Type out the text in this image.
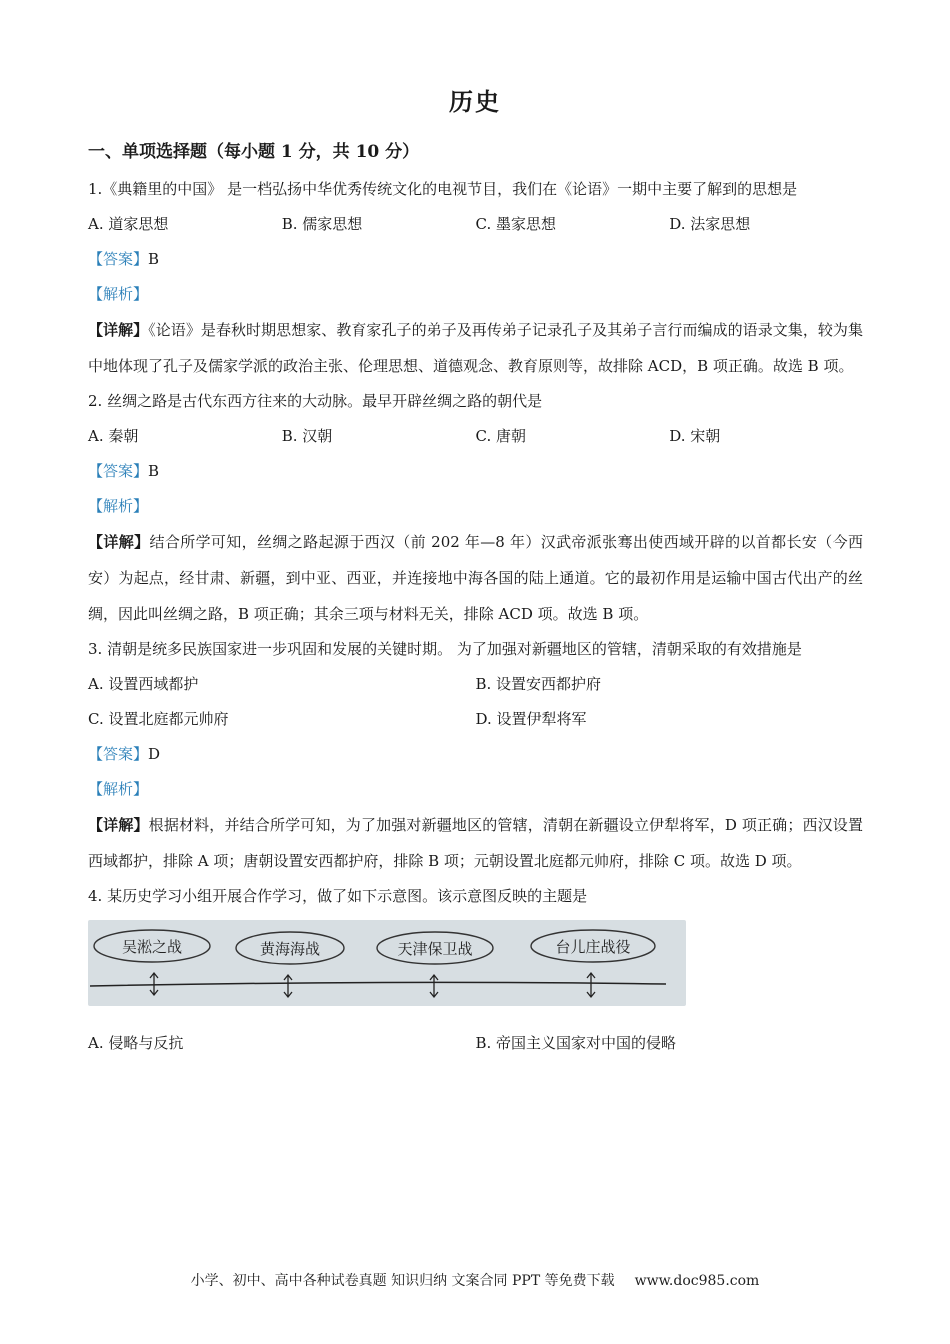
历史
一、单项选择题（每小题 1 分，共 10 分）

1.《典籍里的中国》 是一档弘扬中华优秀传统文化的电视节目，我们在《论语》一期中主要了解到的思想是

A. 道家思想	B. 儒家思想	C. 墨家思想	D. 法家思想
【答案】B
【解析】

【详解】《论语》是春秋时期思想家、教育家孔子的弟子及再传弟子记录孔子及其弟子言行而编成的语录文集，较为集中地体现了孔子及儒家学派的政治主张、伦理思想、道德观念、教育原则等，故排除 ACD，B 项正确。故选 B 项。

2. 丝绸之路是古代东西方往来的大动脉。最早开辟丝绸之路的朝代是

A. 秦朝	B. 汉朝	C. 唐朝	D. 宋朝
【答案】B
【解析】

【详解】结合所学可知，丝绸之路起源于西汉（前 202 年—8 年）汉武帝派张骞出使西域开辟的以首都长安（今西安）为起点，经甘肃、新疆，到中亚、西亚，并连接地中海各国的陆上通道。它的最初作用是运输中国古代出产的丝绸，因此叫丝绸之路，B 项正确；其余三项与材料无关，排除 ACD 项。故选 B 项。

3. 清朝是统多民族国家进一步巩固和发展的关键时期。 为了加强对新疆地区的管辖，清朝采取的有效措施是

A. 设置西域都护	B. 设置安西都护府
C. 设置北庭都元帅府	D. 设置伊犁将军
【答案】D
【解析】

【详解】根据材料，并结合所学可知，为了加强对新疆地区的管辖，清朝在新疆设立伊犁将军，D 项正确；西汉设置西域都护，排除 A 项；唐朝设置安西都护府，排除 B 项；元朝设置北庭都元帅府，排除 C 项。故选 D 项。

4. 某历史学习小组开展合作学习，做了如下示意图。该示意图反映的主题是

吴淞之战	黄海海战	天津保卫战	台儿庄战役
A. 侵略与反抗	B. 帝国主义国家对中国的侵略
小学、初中、高中各种试卷真题 知识归纳 文案合同 PPT 等免费下载 www.doc985.com
